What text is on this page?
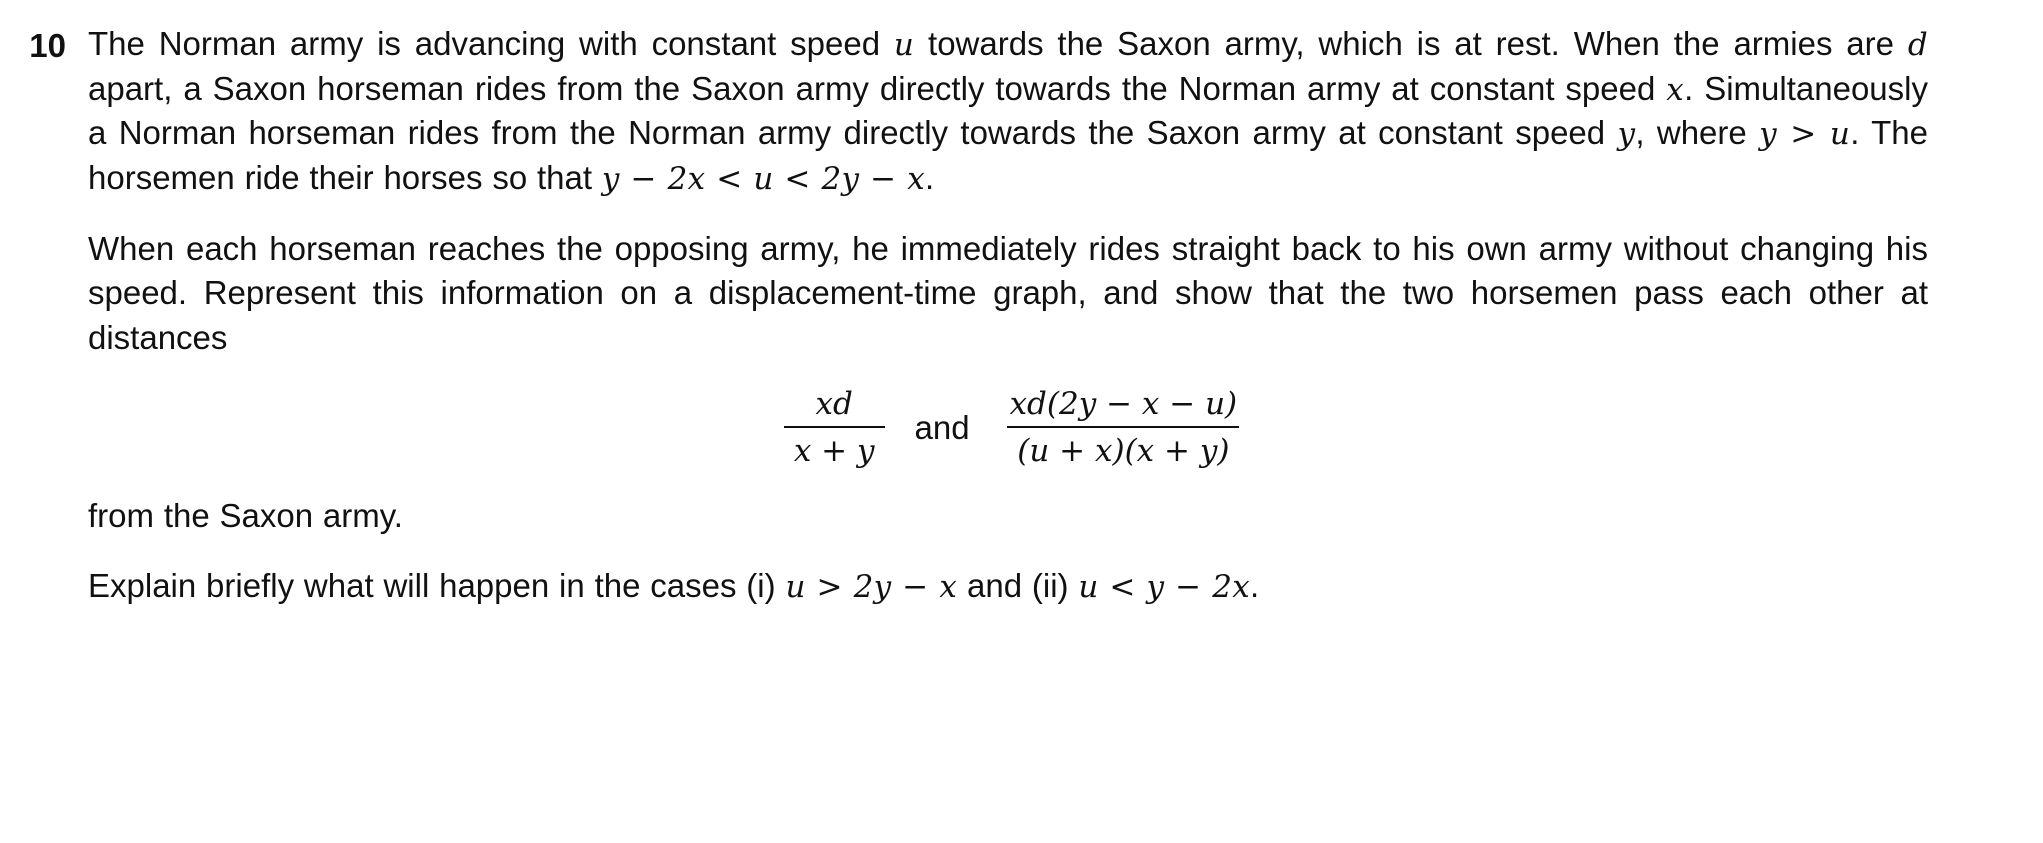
10 The Norman army is advancing with constant speed u towards the Saxon army, which is at rest. When the armies are d apart, a Saxon horseman rides from the Saxon army directly towards the Norman army at constant speed x. Simultaneously a Norman horseman rides from the Norman army directly towards the Saxon army at constant speed y, where y > u. The horsemen ride their horses so that y − 2x < u < 2y − x.

When each horseman reaches the opposing army, he immediately rides straight back to his own army without changing his speed. Represent this information on a displacement-time graph, and show that the two horsemen pass each other at distances

$\frac{xd}{x + y}$ and $\frac{xd(2y - x - u)}{(u + x)(x + y)}$

from the Saxon army.

Explain briefly what will happen in the cases (i) u > 2y − x and (ii) u < y − 2x.
